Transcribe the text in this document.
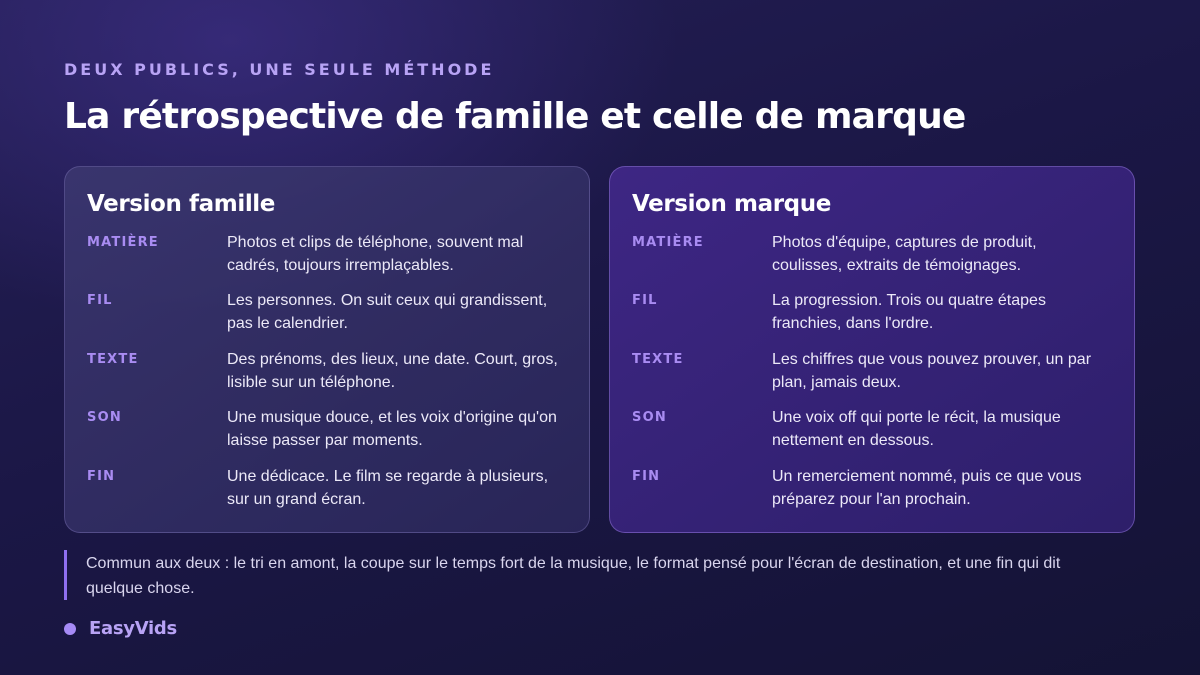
DEUX PUBLICS, UNE SEULE MÉTHODE
La rétrospective de famille et celle de marque
Version famille
MATIÈRE	Photos et clips de téléphone, souvent mal cadrés, toujours irremplaçables.
FIL	Les personnes. On suit ceux qui grandissent, pas le calendrier.
TEXTE	Des prénoms, des lieux, une date. Court, gros, lisible sur un téléphone.
SON	Une musique douce, et les voix d'origine qu'on laisse passer par moments.
FIN	Une dédicace. Le film se regarde à plusieurs, sur un grand écran.
Version marque
MATIÈRE	Photos d'équipe, captures de produit, coulisses, extraits de témoignages.
FIL	La progression. Trois ou quatre étapes franchies, dans l'ordre.
TEXTE	Les chiffres que vous pouvez prouver, un par plan, jamais deux.
SON	Une voix off qui porte le récit, la musique nettement en dessous.
FIN	Un remerciement nommé, puis ce que vous préparez pour l'an prochain.
Commun aux deux : le tri en amont, la coupe sur le temps fort de la musique, le format pensé pour l'écran de destination, et une fin qui dit quelque chose.
EasyVids
